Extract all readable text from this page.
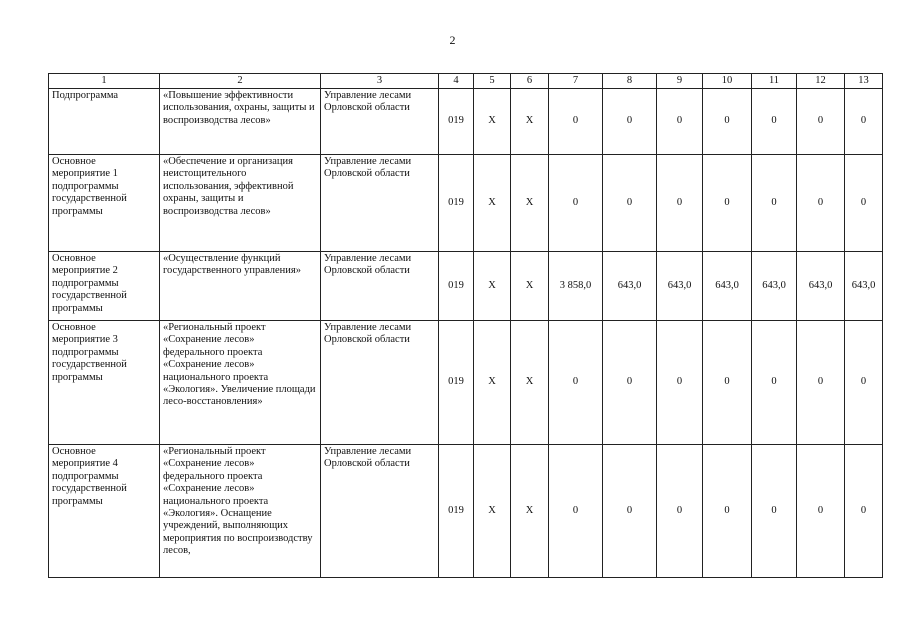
2
1	2	3	4	5	6	7	8	9	10	11	12	13
Подпрограмма	«Повышение эффективности использования, охраны, защиты и воспроизводства лесов»	Управление лесами Орловской области	019	X	X	0	0	0	0	0	0	0
Основное мероприятие 1 подпрограммы государственной программы	«Обеспечение и организация неистощительного использования, эффективной охраны, защиты и воспроизводства лесов»	Управление лесами Орловской области	019	X	X	0	0	0	0	0	0	0
Основное мероприятие 2 подпрограммы государственной программы	«Осуществление функций государственного управления»	Управление лесами Орловской области	019	X	X	3 858,0	643,0	643,0	643,0	643,0	643,0	643,0
Основное мероприятие 3 подпрограммы государственной программы	«Региональный проект «Сохранение лесов» федерального проекта «Сохранение лесов» национального проекта «Экология». Увеличение площади лесо-восстановления»	Управление лесами Орловской области	019	X	X	0	0	0	0	0	0	0
Основное мероприятие 4 подпрограммы государственной программы	«Региональный проект «Сохранение лесов» федерального проекта «Сохранение лесов» национального проекта «Экология». Оснащение учреждений, выполняющих мероприятия по воспроизводству лесов,	Управление лесами Орловской области	019	X	X	0	0	0	0	0	0	0
